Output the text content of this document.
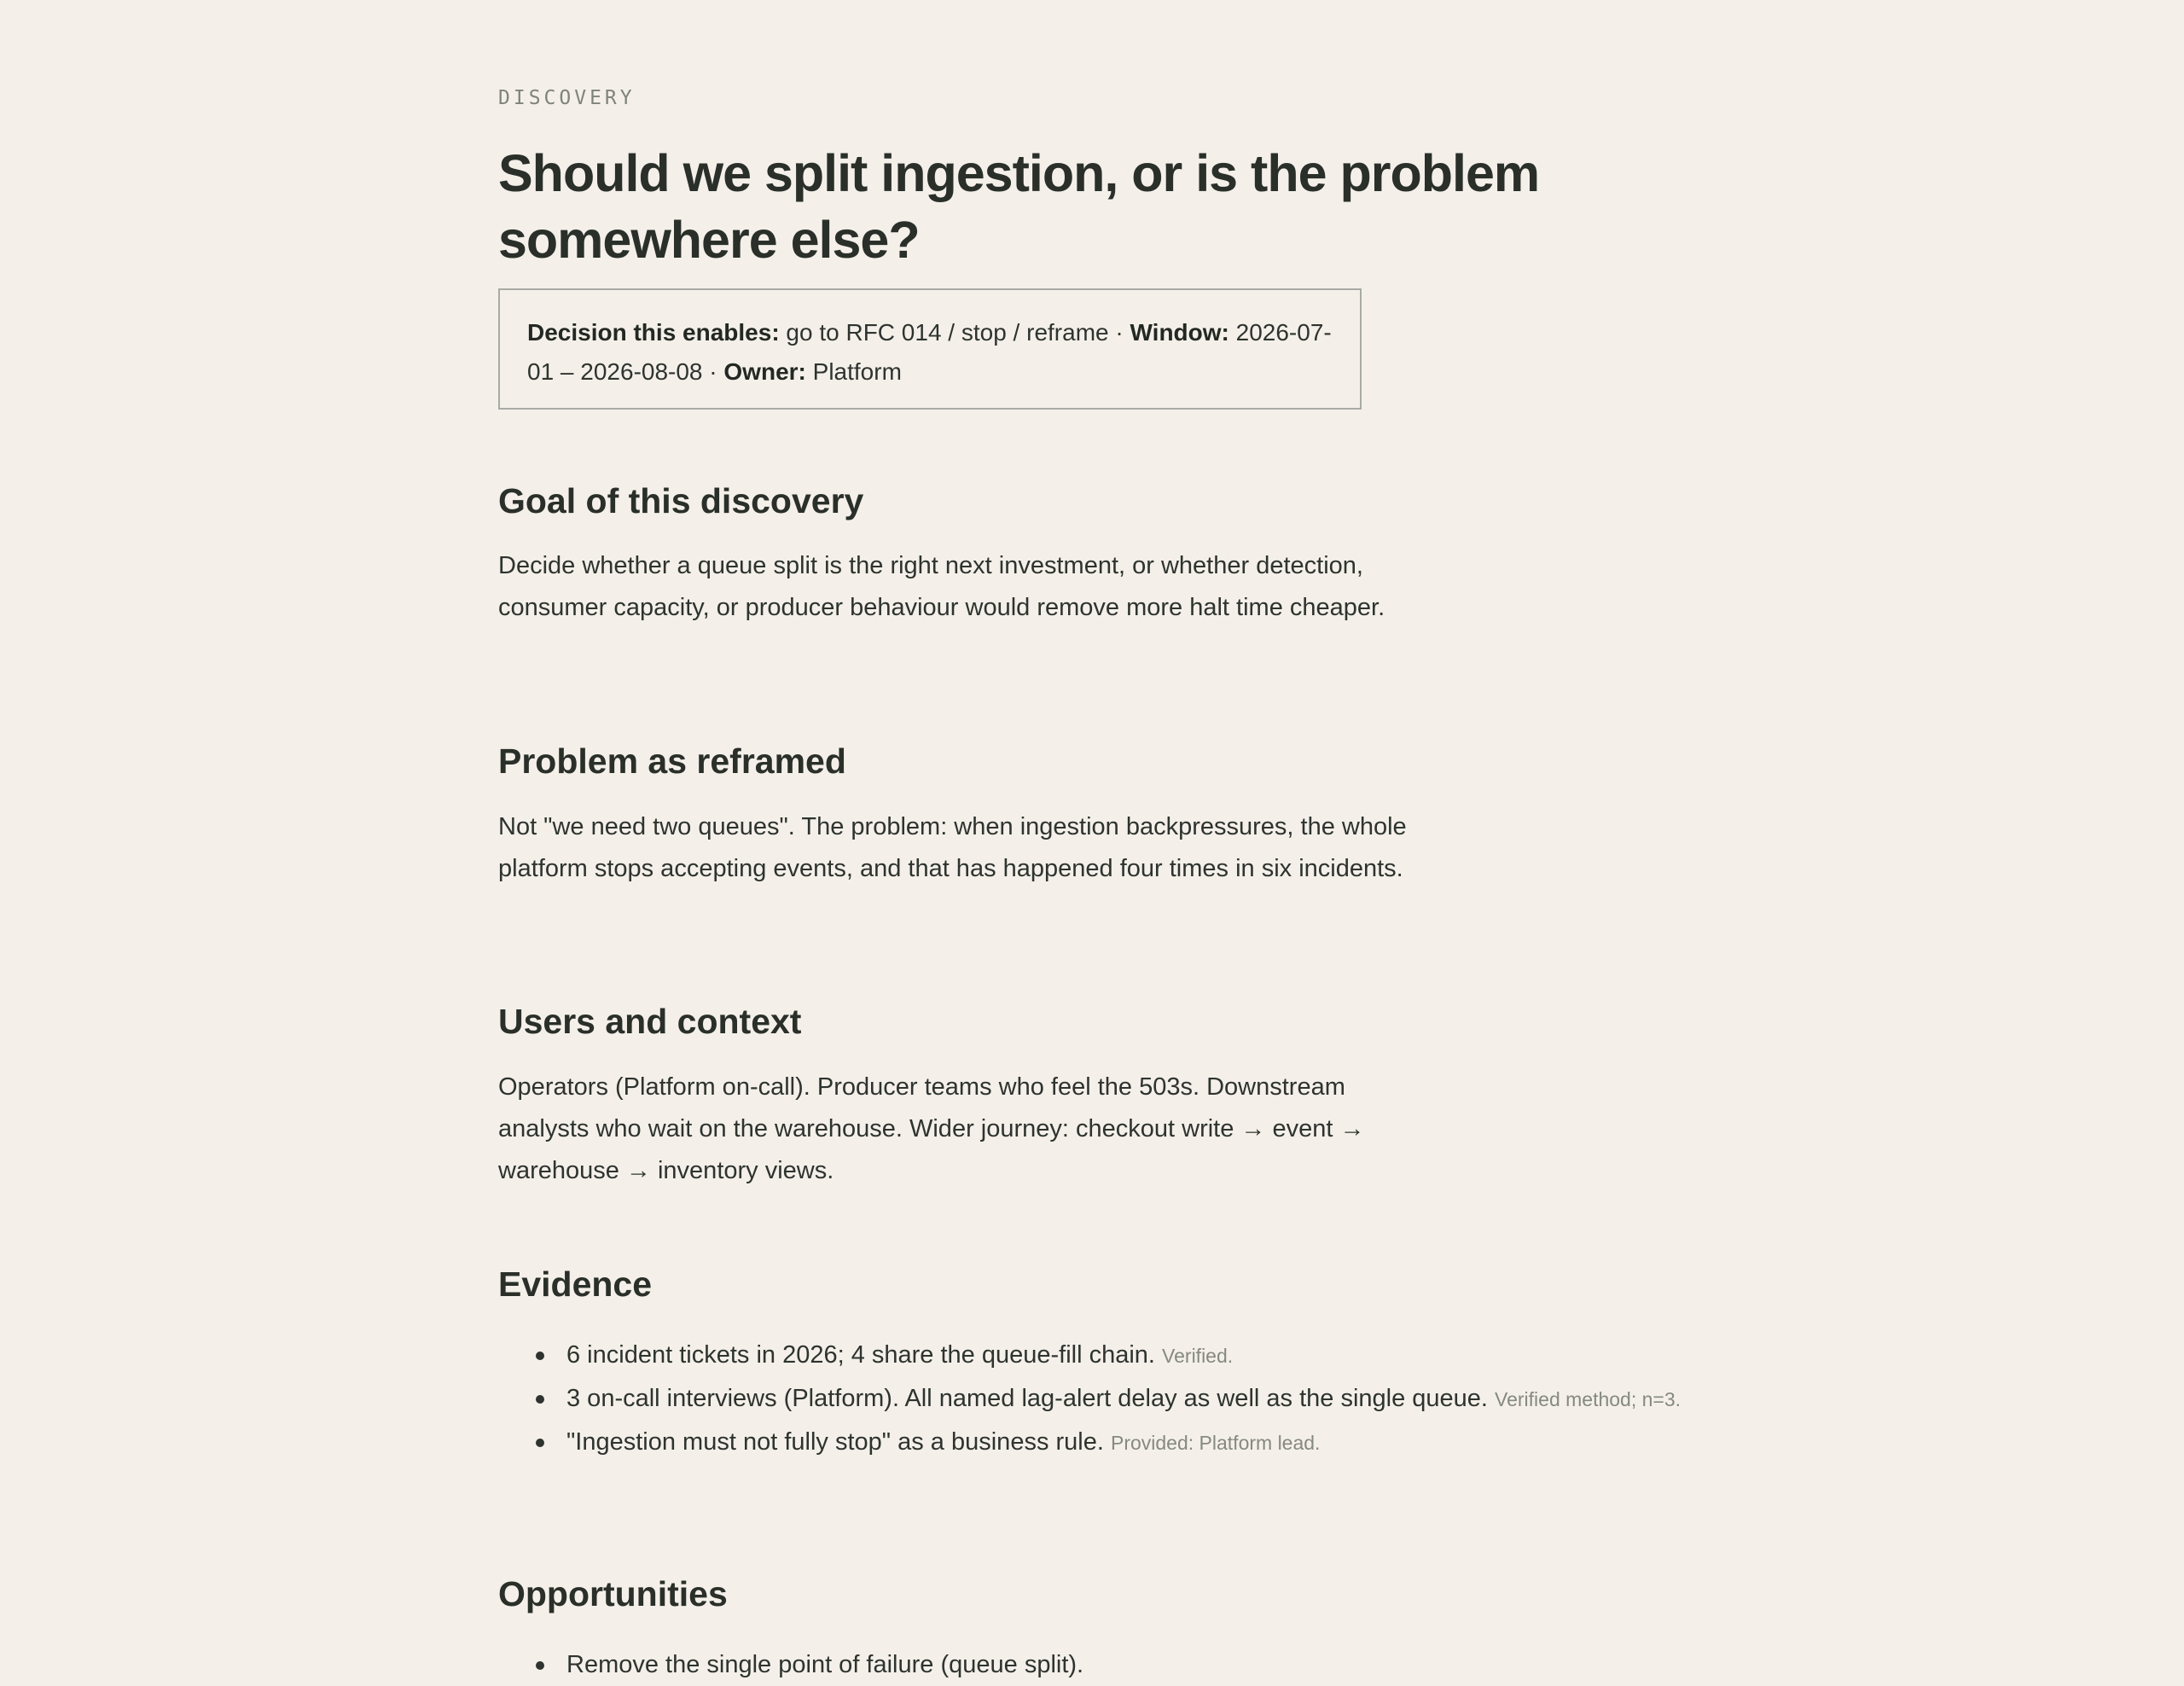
DISCOVERY
Should we split ingestion, or is the problem somewhere else?
Decision this enables: go to RFC 014 / stop / reframe · Window: 2026-07-01 – 2026-08-08 · Owner: Platform
Goal of this discovery

Decide whether a queue split is the right next investment, or whether detection, consumer capacity, or producer behaviour would remove more halt time cheaper.

Problem as reframed

Not "we need two queues". The problem: when ingestion backpressures, the whole platform stops accepting events, and that has happened four times in six incidents.

Users and context

Operators (Platform on-call). Producer teams who feel the 503s. Downstream analysts who wait on the warehouse. Wider journey: checkout write → event → warehouse → inventory views.

Evidence
6 incident tickets in 2026; 4 share the queue-fill chain. Verified.
3 on-call interviews (Platform). All named lag-alert delay as well as the single queue. Verified method; n=3.
"Ingestion must not fully stop" as a business rule. Provided: Platform lead.
Opportunities
Remove the single point of failure (queue split).
